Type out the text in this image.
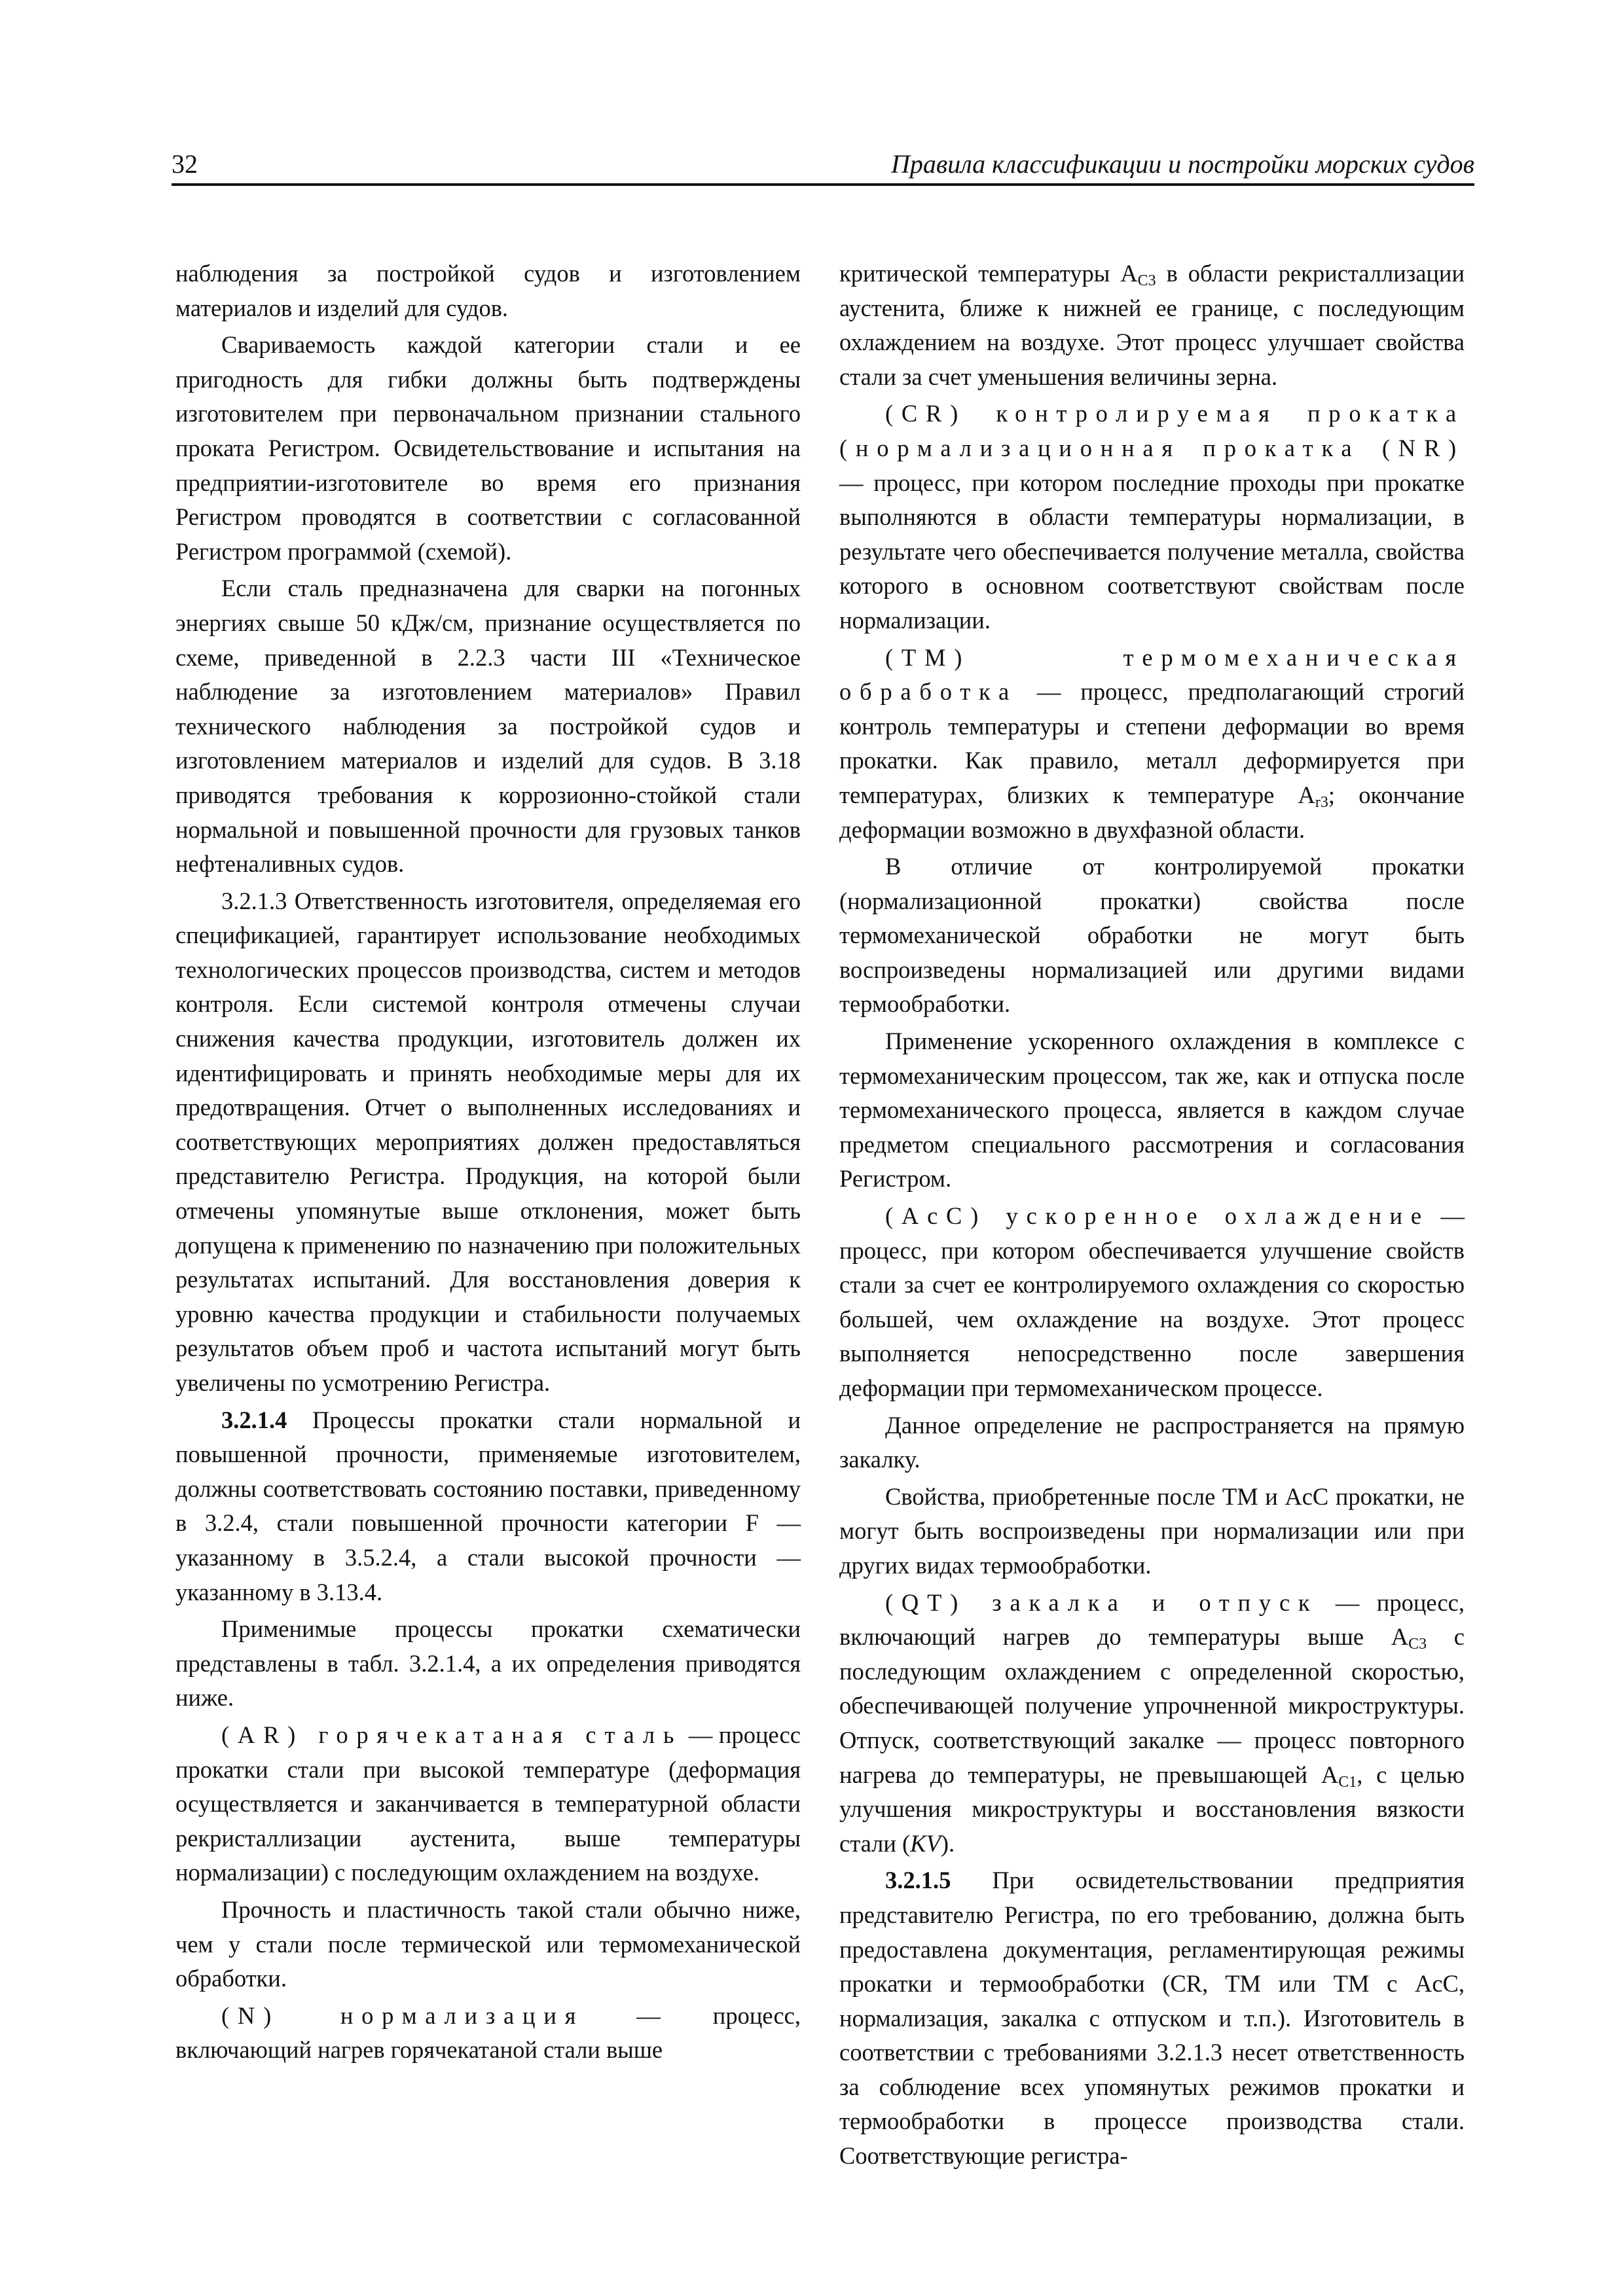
32	Правила классификации и постройки морских судов

наблюдения за постройкой судов и изготовлением материалов и изделий для судов.

Свариваемость каждой категории стали и ее пригодность для гибки должны быть подтверждены изготовителем при первоначальном признании стального проката Регистром. Освидетельствование и испытания на предприятии-изготовителе во время его признания Регистром проводятся в соответствии с согласованной Регистром программой (схемой).

Если сталь предназначена для сварки на погонных энергиях свыше 50 кДж/см, признание осуществляется по схеме, приведенной в 2.2.3 части III «Техническое наблюдение за изготовлением материалов» Правил технического наблюдения за постройкой судов и изготовлением материалов и изделий для судов. В 3.18 приводятся требования к коррозионно-стойкой стали нормальной и повышенной прочности для грузовых танков нефтеналивных судов.

3.2.1.3 Ответственность изготовителя, определяемая его спецификацией, гарантирует использование необходимых технологических процессов производства, систем и методов контроля. Если системой контроля отмечены случаи снижения качества продукции, изготовитель должен их идентифицировать и принять необходимые меры для их предотвращения. Отчет о выполненных исследованиях и соответствующих мероприятиях должен предоставляться представителю Регистра. Продукция, на которой были отмечены упомянутые выше отклонения, может быть допущена к применению по назначению при положительных результатах испытаний. Для восстановления доверия к уровню качества продукции и стабильности получаемых результатов объем проб и частота испытаний могут быть увеличены по усмотрению Регистра.

3.2.1.4 Процессы прокатки стали нормальной и повышенной прочности, применяемые изготовителем, должны соответствовать состоянию поставки, приведенному в 3.2.4, стали повышенной прочности категории F — указанному в 3.5.2.4, а стали высокой прочности — указанному в 3.13.4.

Применимые процессы прокатки схематически представлены в табл. 3.2.1.4, а их определения приводятся ниже.

(AR) горячекатаная сталь — процесс прокатки стали при высокой температуре (деформация осуществляется и заканчивается в температурной области рекристаллизации аустенита, выше температуры нормализации) с последующим охлаждением на воздухе.

Прочность и пластичность такой стали обычно ниже, чем у стали после термической или термомеханической обработки.

(N) нормализация — процесс, включающий нагрев горячекатаной стали выше

критической температуры $A_{C3}$ в области рекристаллизации аустенита, ближе к нижней ее границе, с последующим охлаждением на воздухе. Этот процесс улучшает свойства стали за счет уменьшения величины зерна.

(CR) контролируемая прокатка (нормализационная прокатка (NR) — процесс, при котором последние проходы при прокатке выполняются в области температуры нормализации, в результате чего обеспечивается получение металла, свойства которого в основном соответствуют свойствам после нормализации.

(TM) термомеханическая обработка — процесс, предполагающий строгий контроль температуры и степени деформации во время прокатки. Как правило, металл деформируется при температурах, близких к температуре $A_{r3}$; окончание деформации возможно в двухфазной области.

В отличие от контролируемой прокатки (нормализационной прокатки) свойства после термомеханической обработки не могут быть воспроизведены нормализацией или другими видами термообработки.

Применение ускоренного охлаждения в комплексе с термомеханическим процессом, так же, как и отпуска после термомеханического процесса, является в каждом случае предметом специального рассмотрения и согласования Регистром.

(AcC) ускоренное охлаждение — процесс, при котором обеспечивается улучшение свойств стали за счет ее контролируемого охлаждения со скоростью большей, чем охлаждение на воздухе. Этот процесс выполняется непосредственно после завершения деформации при термомеханическом процессе.

Данное определение не распространяется на прямую закалку.

Свойства, приобретенные после TM и AcC прокатки, не могут быть воспроизведены при нормализации или при других видах термообработки.

(QT) закалка и отпуск — процесс, включающий нагрев до температуры выше $A_{C3}$ с последующим охлаждением с определенной скоростью, обеспечивающей получение упрочненной микроструктуры. Отпуск, соответствующий закалке — процесс повторного нагрева до температуры, не превышающей $A_{C1}$, с целью улучшения микроструктуры и восстановления вязкости стали (KV).

3.2.1.5 При освидетельствовании предприятия представителю Регистра, по его требованию, должна быть предоставлена документация, регламентирующая режимы прокатки и термообработки (CR, TM или TM с AcC, нормализация, закалка с отпуском и т.п.). Изготовитель в соответствии с требованиями 3.2.1.3 несет ответственность за соблюдение всех упомянутых режимов прокатки и термообработки в процессе производства стали. Соответствующие регистра-
